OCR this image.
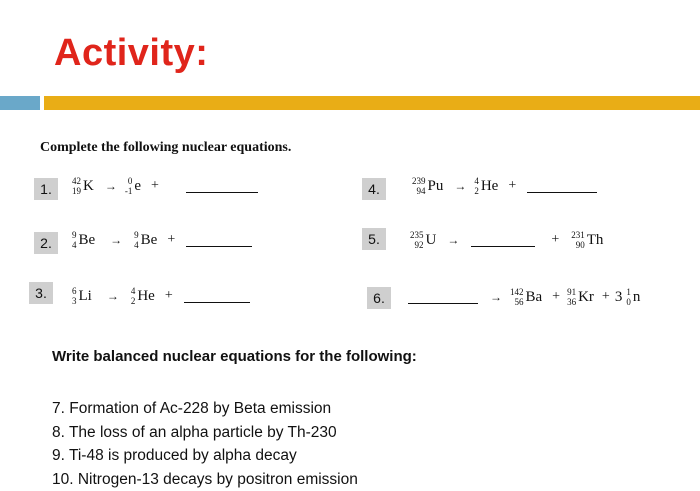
Activity:
Complete the following nuclear equations.
1.
2.
3.
4.
5.
6.
42
19 K → 0
-1 e +
9
4 Be → 9
4 Be +
6
3 Li → 4
2 He +
239
94 Pu → 4
2 He +
235
92 U →	+ 231
90 Th
→ 142
56 Ba + 91
36 Kr + 3 1
0 n
Write balanced nuclear equations for the following:
7. Formation of Ac-228 by Beta emission
8. The loss of an alpha particle by Th-230
9. Ti-48 is produced by alpha decay
10. Nitrogen-13 decays by positron emission
